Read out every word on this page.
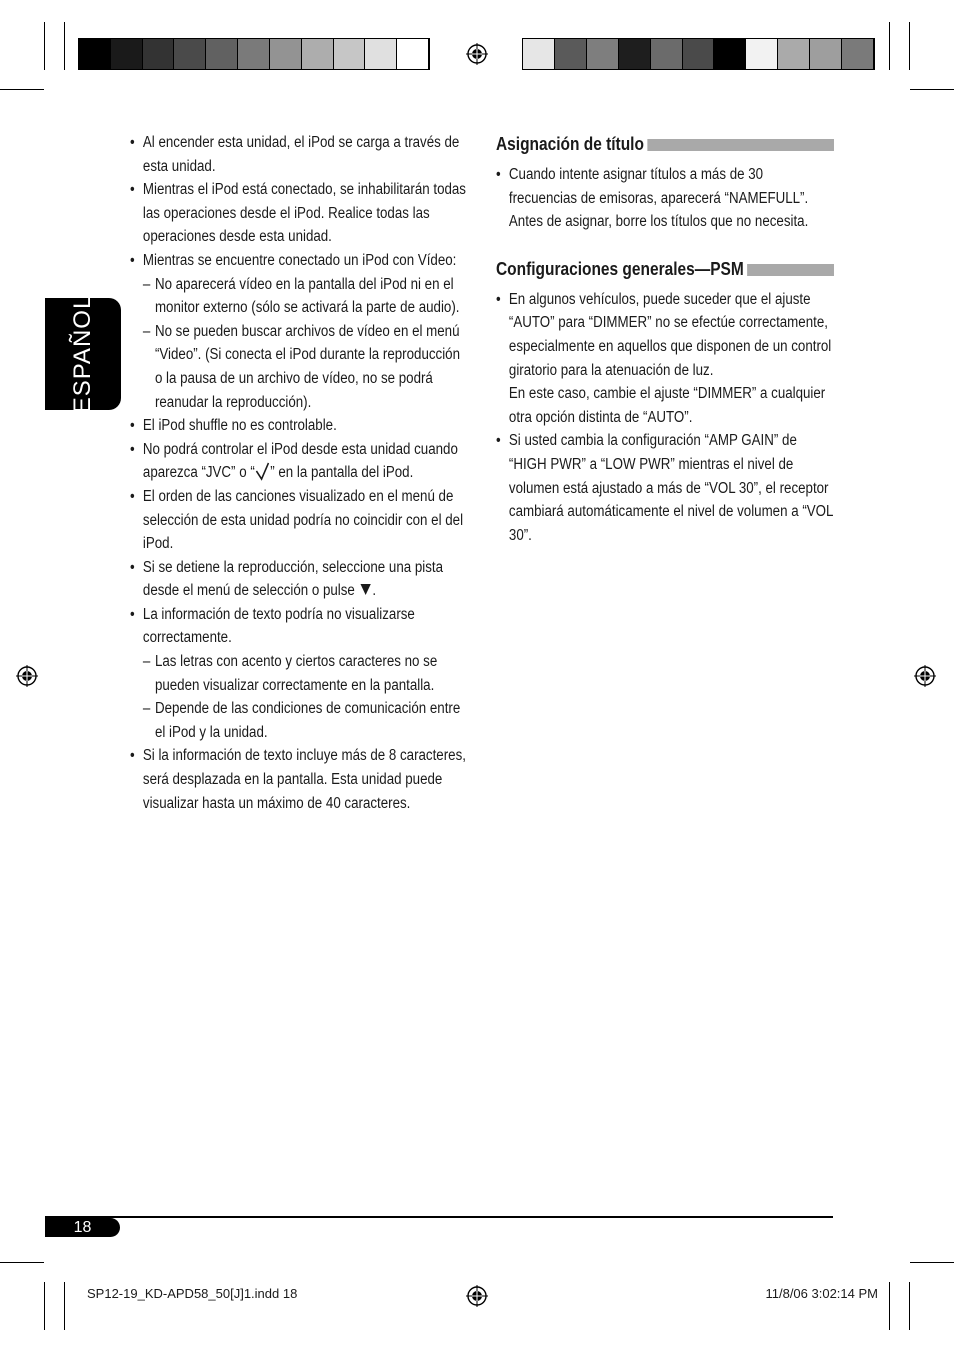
ESPAÑOL
• Al encender esta unidad, el iPod se carga a través de esta unidad.
• Mientras el iPod está conectado, se inhabilitarán todas las operaciones desde el iPod. Realice todas las operaciones desde esta unidad.
• Mientras se encuentre conectado un iPod con Vídeo:
– No aparecerá vídeo en la pantalla del iPod ni en el monitor externo (sólo se activará la parte de audio).
– No se pueden buscar archivos de vídeo en el menú “Video”. (Si conecta el iPod durante la reproducción o la pausa de un archivo de vídeo, no se podrá reanudar la reproducción).
• El iPod shuffle no es controlable.
• No podrá controlar el iPod desde esta unidad cuando aparezca “JVC” o “ ” en la pantalla del iPod.
• El orden de las canciones visualizado en el menú de selección de esta unidad podría no coincidir con el del iPod.
• Si se detiene la reproducción, seleccione una pista desde el menú de selección o pulse .
• La información de texto podría no visualizarse correctamente.
– Las letras con acento y ciertos caracteres no se pueden visualizar correctamente en la pantalla.
– Depende de las condiciones de comunicación entre el iPod y la unidad.
• Si la información de texto incluye más de 8 caracteres, será desplazada en la pantalla. Esta unidad puede visualizar hasta un máximo de 40 caracteres.
Asignación de título
• Cuando intente asignar títulos a más de 30 frecuencias de emisoras, aparecerá “NAMEFULL”. Antes de asignar, borre los títulos que no necesita.
Configuraciones generales—PSM
• En algunos vehículos, puede suceder que el ajuste “AUTO” para “DIMMER” no se efectúe correctamente, especialmente en aquellos que disponen de un control giratorio para la atenuación de luz.
En este caso, cambie el ajuste “DIMMER” a cualquier otra opción distinta de “AUTO”.
• Si usted cambia la configuración “AMP GAIN” de “HIGH PWR” a “LOW PWR” mientras el nivel de volumen está ajustado a más de “VOL 30”, el receptor cambiará automáticamente el nivel de volumen a “VOL 30”.
18
SP12-19_KD-APD58_50[J]1.indd 18	11/8/06 3:02:14 PM
